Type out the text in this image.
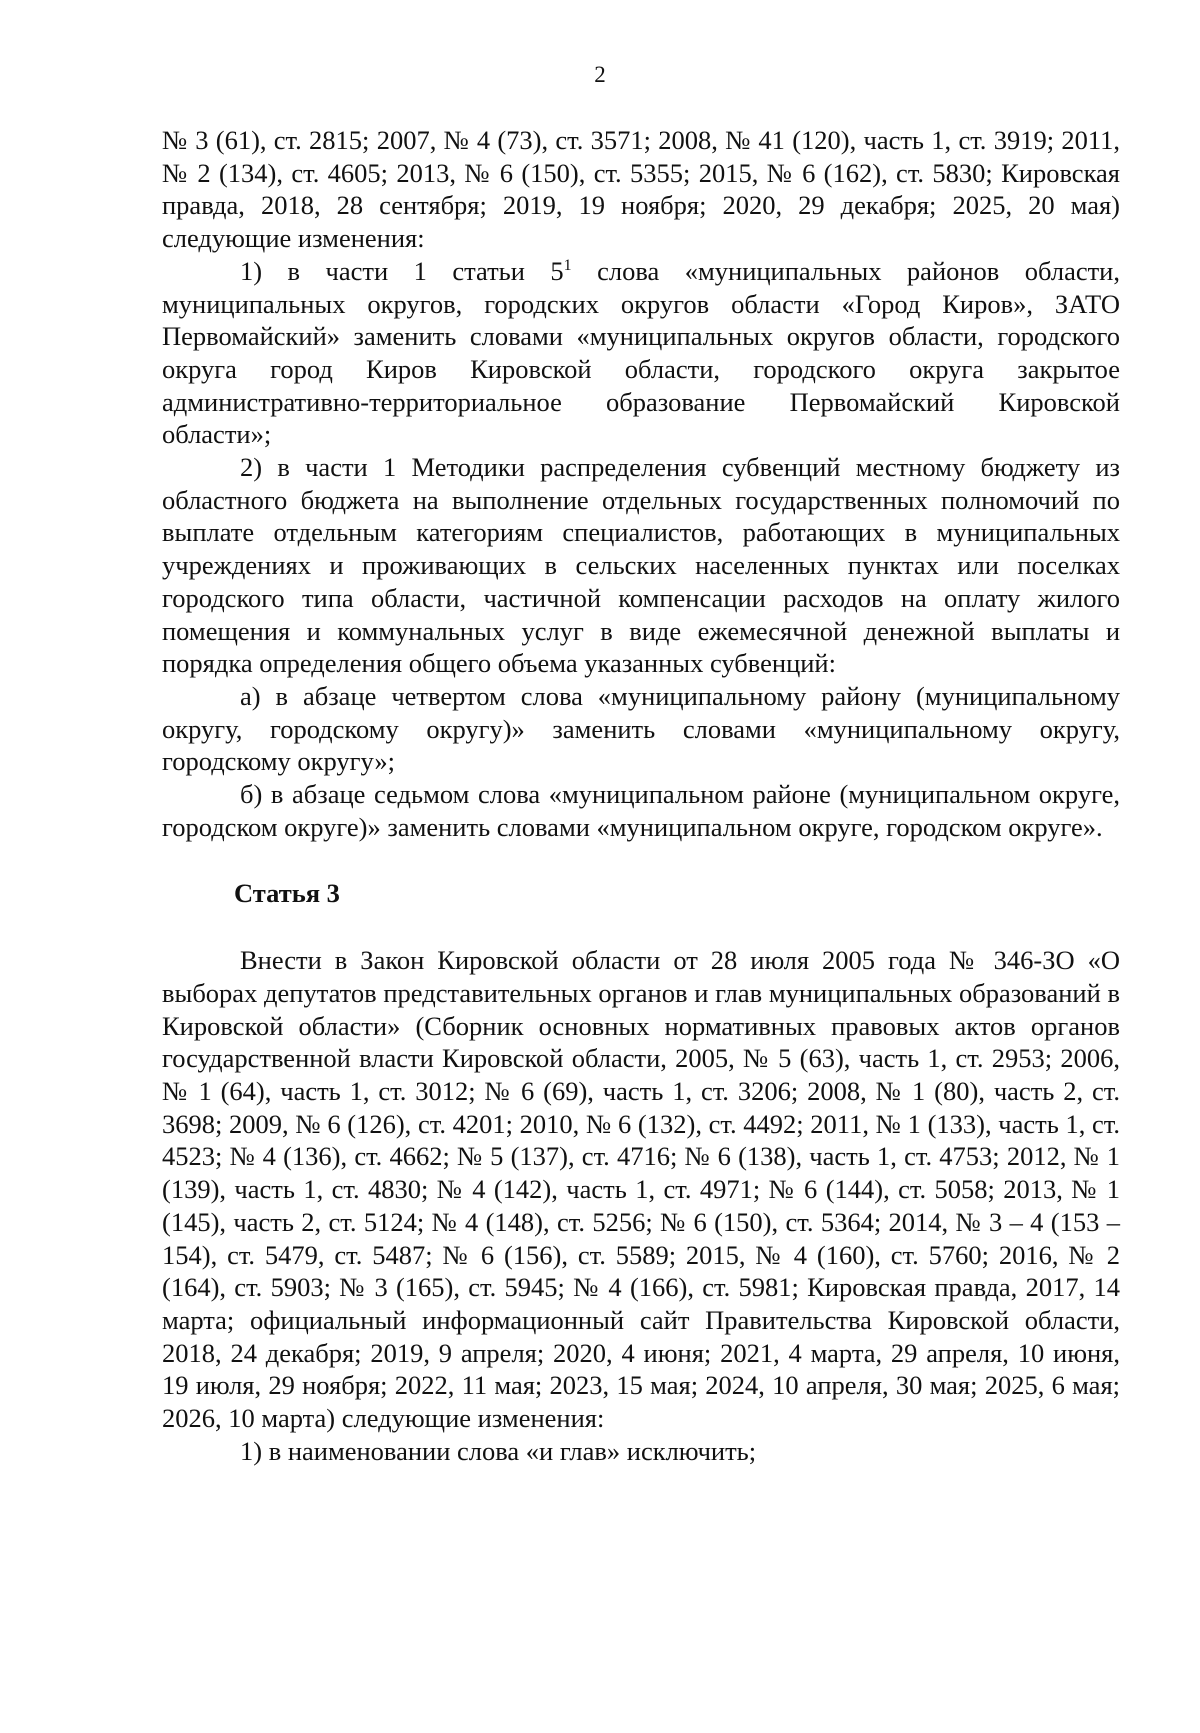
2

№ 3 (61), ст. 2815; 2007, № 4 (73), ст. 3571; 2008, № 41 (120), часть 1, ст. 3919; 2011, № 2 (134), ст. 4605; 2013, № 6 (150), ст. 5355; 2015, № 6 (162), ст. 5830; Кировская правда, 2018, 28 сентября; 2019, 19 ноября; 2020, 29 декабря; 2025, 20 мая) следующие изменения:

1) в части 1 статьи $5^1$ слова «муниципальных районов области, муниципальных округов, городских округов области «Город Киров», ЗАТО Первомайский» заменить словами «муниципальных округов области, городского округа город Киров Кировской области, городского округа закрытое административно-территориальное образование Первомайский Кировской области»;

2) в части 1 Методики распределения субвенций местному бюджету из областного бюджета на выполнение отдельных государственных полномочий по выплате отдельным категориям специалистов, работающих в муниципальных учреждениях и проживающих в сельских населенных пунктах или поселках городского типа области, частичной компенсации расходов на оплату жилого помещения и коммунальных услуг в виде ежемесячной денежной выплаты и порядка определения общего объема указанных субвенций:

а) в абзаце четвертом слова «муниципальному району (муниципальному округу, городскому округу)» заменить словами «муниципальному округу, городскому округу»;

б) в абзаце седьмом слова «муниципальном районе (муниципальном округе, городском округе)» заменить словами «муниципальном округе, городском округе».

Статья 3

Внести в Закон Кировской области от 28 июля 2005 года № 346-ЗО «О выборах депутатов представительных органов и глав муниципальных образований в Кировской области» (Сборник основных нормативных правовых актов органов государственной власти Кировской области, 2005, № 5 (63), часть 1, ст. 2953; 2006, № 1 (64), часть 1, ст. 3012; № 6 (69), часть 1, ст. 3206; 2008, № 1 (80), часть 2, ст. 3698; 2009, № 6 (126), ст. 4201; 2010, № 6 (132), ст. 4492; 2011, № 1 (133), часть 1, ст. 4523; № 4 (136), ст. 4662; № 5 (137), ст. 4716; № 6 (138), часть 1, ст. 4753; 2012, № 1 (139), часть 1, ст. 4830; № 4 (142), часть 1, ст. 4971; № 6 (144), ст. 5058; 2013, № 1 (145), часть 2, ст. 5124; № 4 (148), ст. 5256; № 6 (150), ст. 5364; 2014, № 3 – 4 (153 – 154), ст. 5479, ст. 5487; № 6 (156), ст. 5589; 2015, № 4 (160), ст. 5760; 2016, № 2 (164), ст. 5903; № 3 (165), ст. 5945; № 4 (166), ст. 5981; Кировская правда, 2017, 14 марта; официальный информационный сайт Правительства Кировской области, 2018, 24 декабря; 2019, 9 апреля; 2020, 4 июня; 2021, 4 марта, 29 апреля, 10 июня, 19 июля, 29 ноября; 2022, 11 мая; 2023, 15 мая; 2024, 10 апреля, 30 мая; 2025, 6 мая; 2026, 10 марта) следующие изменения:

1) в наименовании слова «и глав» исключить;
